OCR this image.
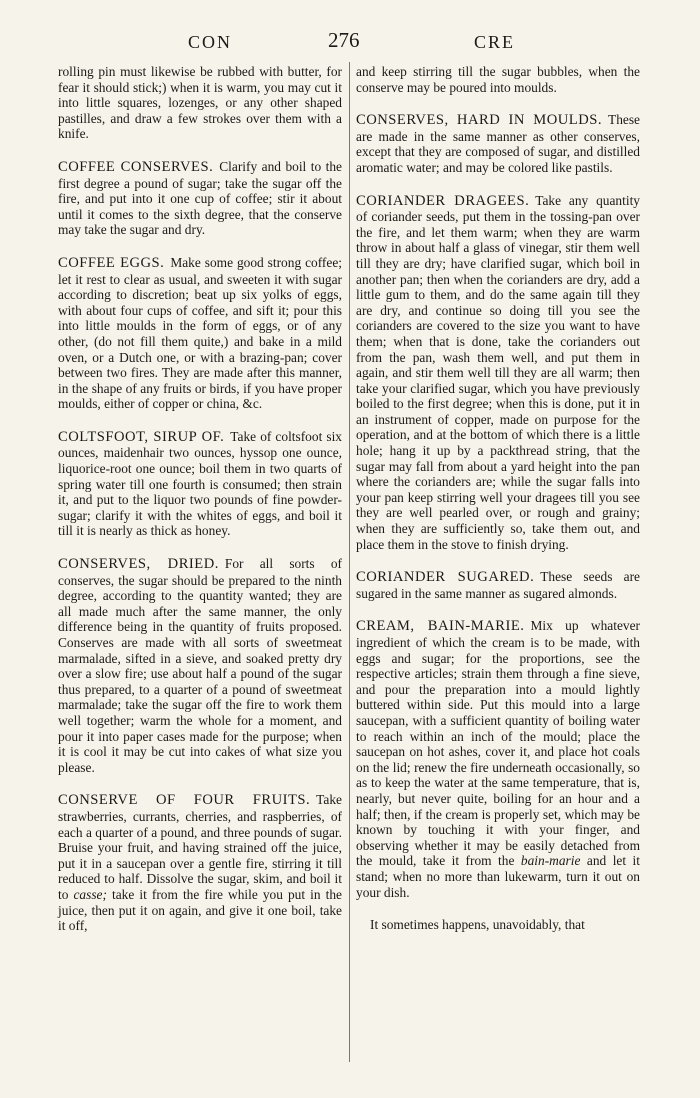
CON	276	CRE

rolling pin must likewise be rubbed with butter, for fear it should stick;) when it is warm, you may cut it into little squares, lozenges, or any other shaped pastilles, and draw a few strokes over them with a knife.

COFFEE CONSERVES. Clarify and boil to the first degree a pound of sugar; take the sugar off the fire, and put into it one cup of coffee; stir it about until it comes to the sixth degree, that the conserve may take the sugar and dry.

COFFEE EGGS. Make some good strong coffee; let it rest to clear as usual, and sweeten it with sugar according to discretion; beat up six yolks of eggs, with about four cups of coffee, and sift it; pour this into little moulds in the form of eggs, or of any other, (do not fill them quite,) and bake in a mild oven, or a Dutch one, or with a brazing-pan; cover between two fires. They are made after this manner, in the shape of any fruits or birds, if you have proper moulds, either of copper or china, &c.

COLTSFOOT, SIRUP OF. Take of coltsfoot six ounces, maidenhair two ounces, hyssop one ounce, liquorice-root one ounce; boil them in two quarts of spring water till one fourth is consumed; then strain it, and put to the liquor two pounds of fine powder-sugar; clarify it with the whites of eggs, and boil it till it is nearly as thick as honey.

CONSERVES, DRIED. For all sorts of conserves, the sugar should be prepared to the ninth degree, according to the quantity wanted; they are all made much after the same manner, the only difference being in the quantity of fruits proposed. Conserves are made with all sorts of sweetmeat marmalade, sifted in a sieve, and soaked pretty dry over a slow fire; use about half a pound of the sugar thus prepared, to a quarter of a pound of sweetmeat marmalade; take the sugar off the fire to work them well together; warm the whole for a moment, and pour it into paper cases made for the purpose; when it is cool it may be cut into cakes of what size you please.

CONSERVE OF FOUR FRUITS. Take strawberries, currants, cherries, and raspberries, of each a quarter of a pound, and three pounds of sugar. Bruise your fruit, and having strained off the juice, put it in a saucepan over a gentle fire, stirring it till reduced to half. Dissolve the sugar, skim, and boil it to casse; take it from the fire while you put in the juice, then put it on again, and give it one boil, take it off,

and keep stirring till the sugar bubbles, when the conserve may be poured into moulds.

CONSERVES, HARD IN MOULDS. These are made in the same manner as other conserves, except that they are composed of sugar, and distilled aromatic water; and may be colored like pastils.

CORIANDER DRAGEES. Take any quantity of coriander seeds, put them in the tossing-pan over the fire, and let them warm; when they are warm throw in about half a glass of vinegar, stir them well till they are dry; have clarified sugar, which boil in another pan; then when the corianders are dry, add a little gum to them, and do the same again till they are dry, and continue so doing till you see the corianders are covered to the size you want to have them; when that is done, take the corianders out from the pan, wash them well, and put them in again, and stir them well till they are all warm; then take your clarified sugar, which you have previously boiled to the first degree; when this is done, put it in an instrument of copper, made on purpose for the operation, and at the bottom of which there is a little hole; hang it up by a packthread string, that the sugar may fall from about a yard height into the pan where the corianders are; while the sugar falls into your pan keep stirring well your dragees till you see they are well pearled over, or rough and grainy; when they are sufficiently so, take them out, and place them in the stove to finish drying.

CORIANDER SUGARED. These seeds are sugared in the same manner as sugared almonds.

CREAM, BAIN-MARIE. Mix up whatever ingredient of which the cream is to be made, with eggs and sugar; for the proportions, see the respective articles; strain them through a fine sieve, and pour the preparation into a mould lightly buttered within side. Put this mould into a large saucepan, with a sufficient quantity of boiling water to reach within an inch of the mould; place the saucepan on hot ashes, cover it, and place hot coals on the lid; renew the fire underneath occasionally, so as to keep the water at the same temperature, that is, nearly, but never quite, boiling for an hour and a half; then, if the cream is properly set, which may be known by touching it with your finger, and observing whether it may be easily detached from the mould, take it from the bain-marie and let it stand; when no more than lukewarm, turn it out on your dish.

It sometimes happens, unavoidably, that
